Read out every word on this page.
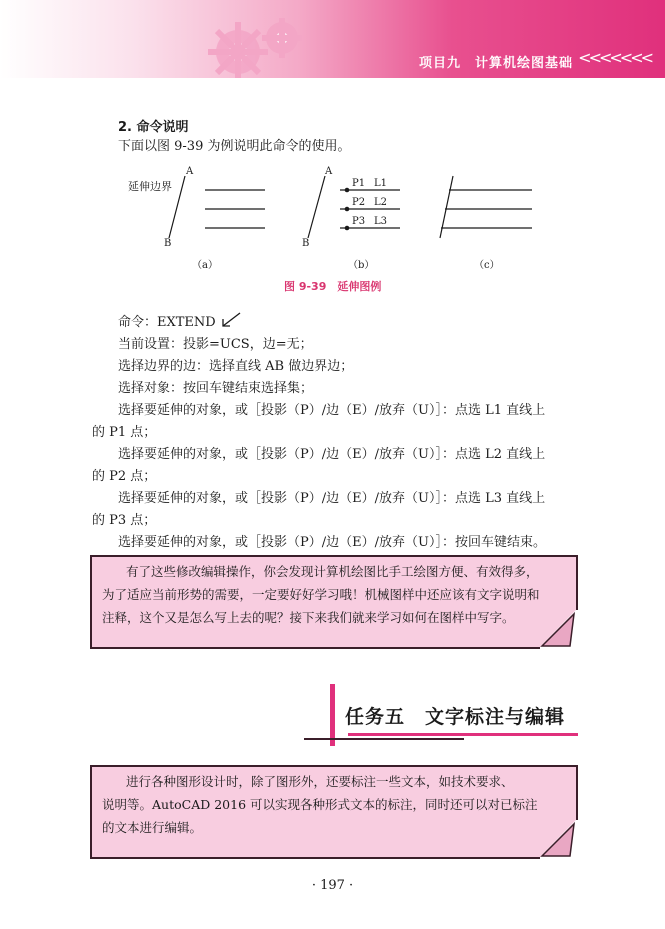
项目九　计算机绘图基础 <<<<<<<
2. 命令说明
下面以图 9-39 为例说明此命令的使用。
延伸边界
A
B
A
B
P1 L1
P2 L2
P3 L3
（a）	（b）	（c）
图 9-39　延伸图例
命令：EXTEND
当前设置：投影=UCS，边=无；
选择边界的边：选择直线 AB 做边界边；
选择对象：按回车键结束选择集；
选择要延伸的对象，或［投影（P）/边（E）/放弃（U）］：点选 L1 直线上
的 P1 点；
选择要延伸的对象，或［投影（P）/边（E）/放弃（U）］：点选 L2 直线上
的 P2 点；
选择要延伸的对象，或［投影（P）/边（E）/放弃（U）］：点选 L3 直线上
的 P3 点；
选择要延伸的对象，或［投影（P）/边（E）/放弃（U）］：按回车键结束。
有了这些修改编辑操作，你会发现计算机绘图比手工绘图方便、有效得多，
为了适应当前形势的需要，一定要好好学习哦！机械图样中还应该有文字说明和
注释，这个又是怎么写上去的呢？接下来我们就来学习如何在图样中写字。
任务五　文字标注与编辑
进行各种图形设计时，除了图形外，还要标注一些文本，如技术要求、
说明等。AutoCAD 2016 可以实现各种形式文本的标注，同时还可以对已标注
的文本进行编辑。
· 197 ·
